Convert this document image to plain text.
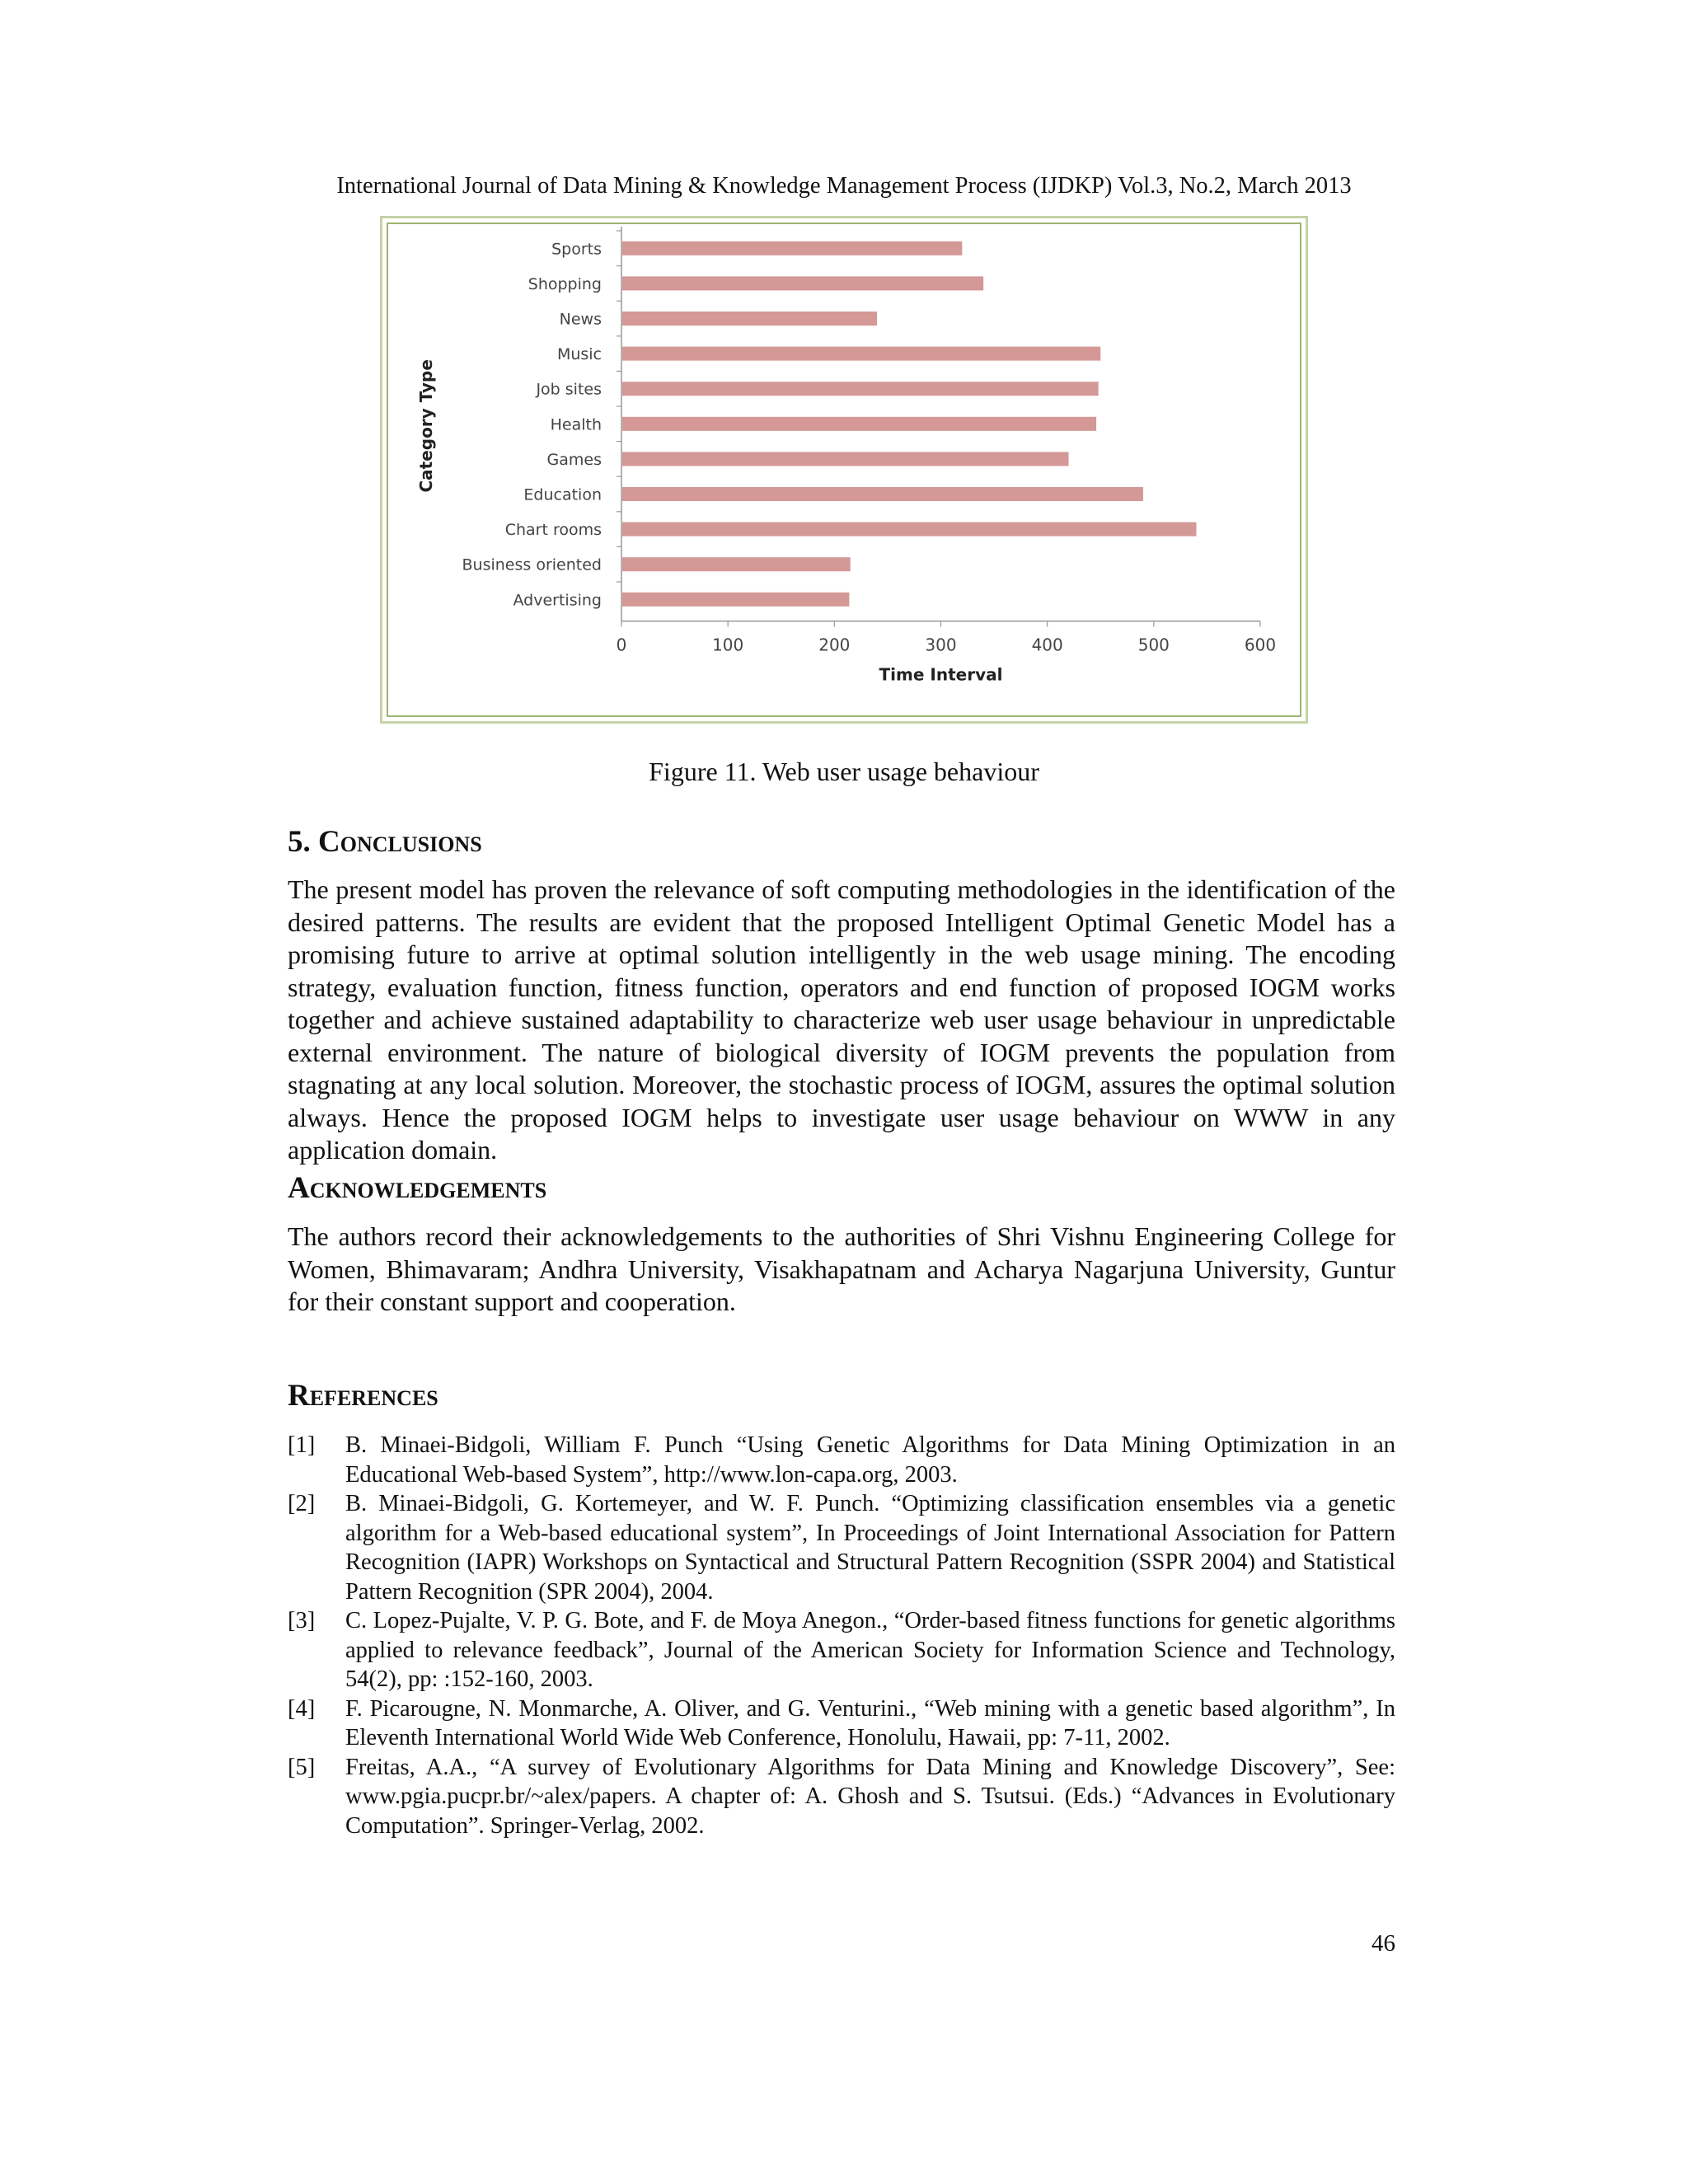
International Journal of Data Mining & Knowledge Management Process (IJDKP) Vol.3, No.2, March 2013
Sports
Shopping
News
Music
Job sites
Health
Games
Education
Chart rooms
Business oriented
Advertising
0	100	200	300	400	500	600
Time Interval
Category Type
Figure 11. Web user usage behaviour
5. Conclusions

The present model has proven the relevance of soft computing methodologies in the identification of the desired patterns. The results are evident that the proposed Intelligent Optimal Genetic Model has a promising future to arrive at optimal solution intelligently in the web usage mining. The encoding strategy, evaluation function, fitness function, operators and end function of proposed IOGM works together and achieve sustained adaptability to characterize web user usage behaviour in unpredictable external environment. The nature of biological diversity of IOGM prevents the population from stagnating at any local solution. Moreover, the stochastic process of IOGM, assures the optimal solution always. Hence the proposed IOGM helps to investigate user usage behaviour on WWW in any application domain.

Acknowledgements

The authors record their acknowledgements to the authorities of Shri Vishnu Engineering College for Women, Bhimavaram; Andhra University, Visakhapatnam and Acharya Nagarjuna University, Guntur for their constant support and cooperation.

References
[1] B. Minaei-Bidgoli, William F. Punch “Using Genetic Algorithms for Data Mining Optimization in an Educational Web-based System”, http://www.lon-capa.org, 2003.
[2] B. Minaei-Bidgoli, G. Kortemeyer, and W. F. Punch. “Optimizing classification ensembles via a genetic algorithm for a Web-based educational system”, In Proceedings of Joint International Association for Pattern Recognition (IAPR) Workshops on Syntactical and Structural Pattern Recognition (SSPR 2004) and Statistical Pattern Recognition (SPR 2004), 2004.
[3] C. Lopez-Pujalte, V. P. G. Bote, and F. de Moya Anegon., “Order-based fitness functions for genetic algorithms applied to relevance feedback”, Journal of the American Society for Information Science and Technology, 54(2), pp: :152-160, 2003.
[4] F. Picarougne, N. Monmarche, A. Oliver, and G. Venturini., “Web mining with a genetic based algorithm”, In Eleventh International World Wide Web Conference, Honolulu, Hawaii, pp: 7-11, 2002.
[5] Freitas, A.A., “A survey of Evolutionary Algorithms for Data Mining and Knowledge Discovery”, See: www.pgia.pucpr.br/~alex/papers. A chapter of: A. Ghosh and S. Tsutsui. (Eds.) “Advances in Evolutionary Computation”. Springer-Verlag, 2002.
46
